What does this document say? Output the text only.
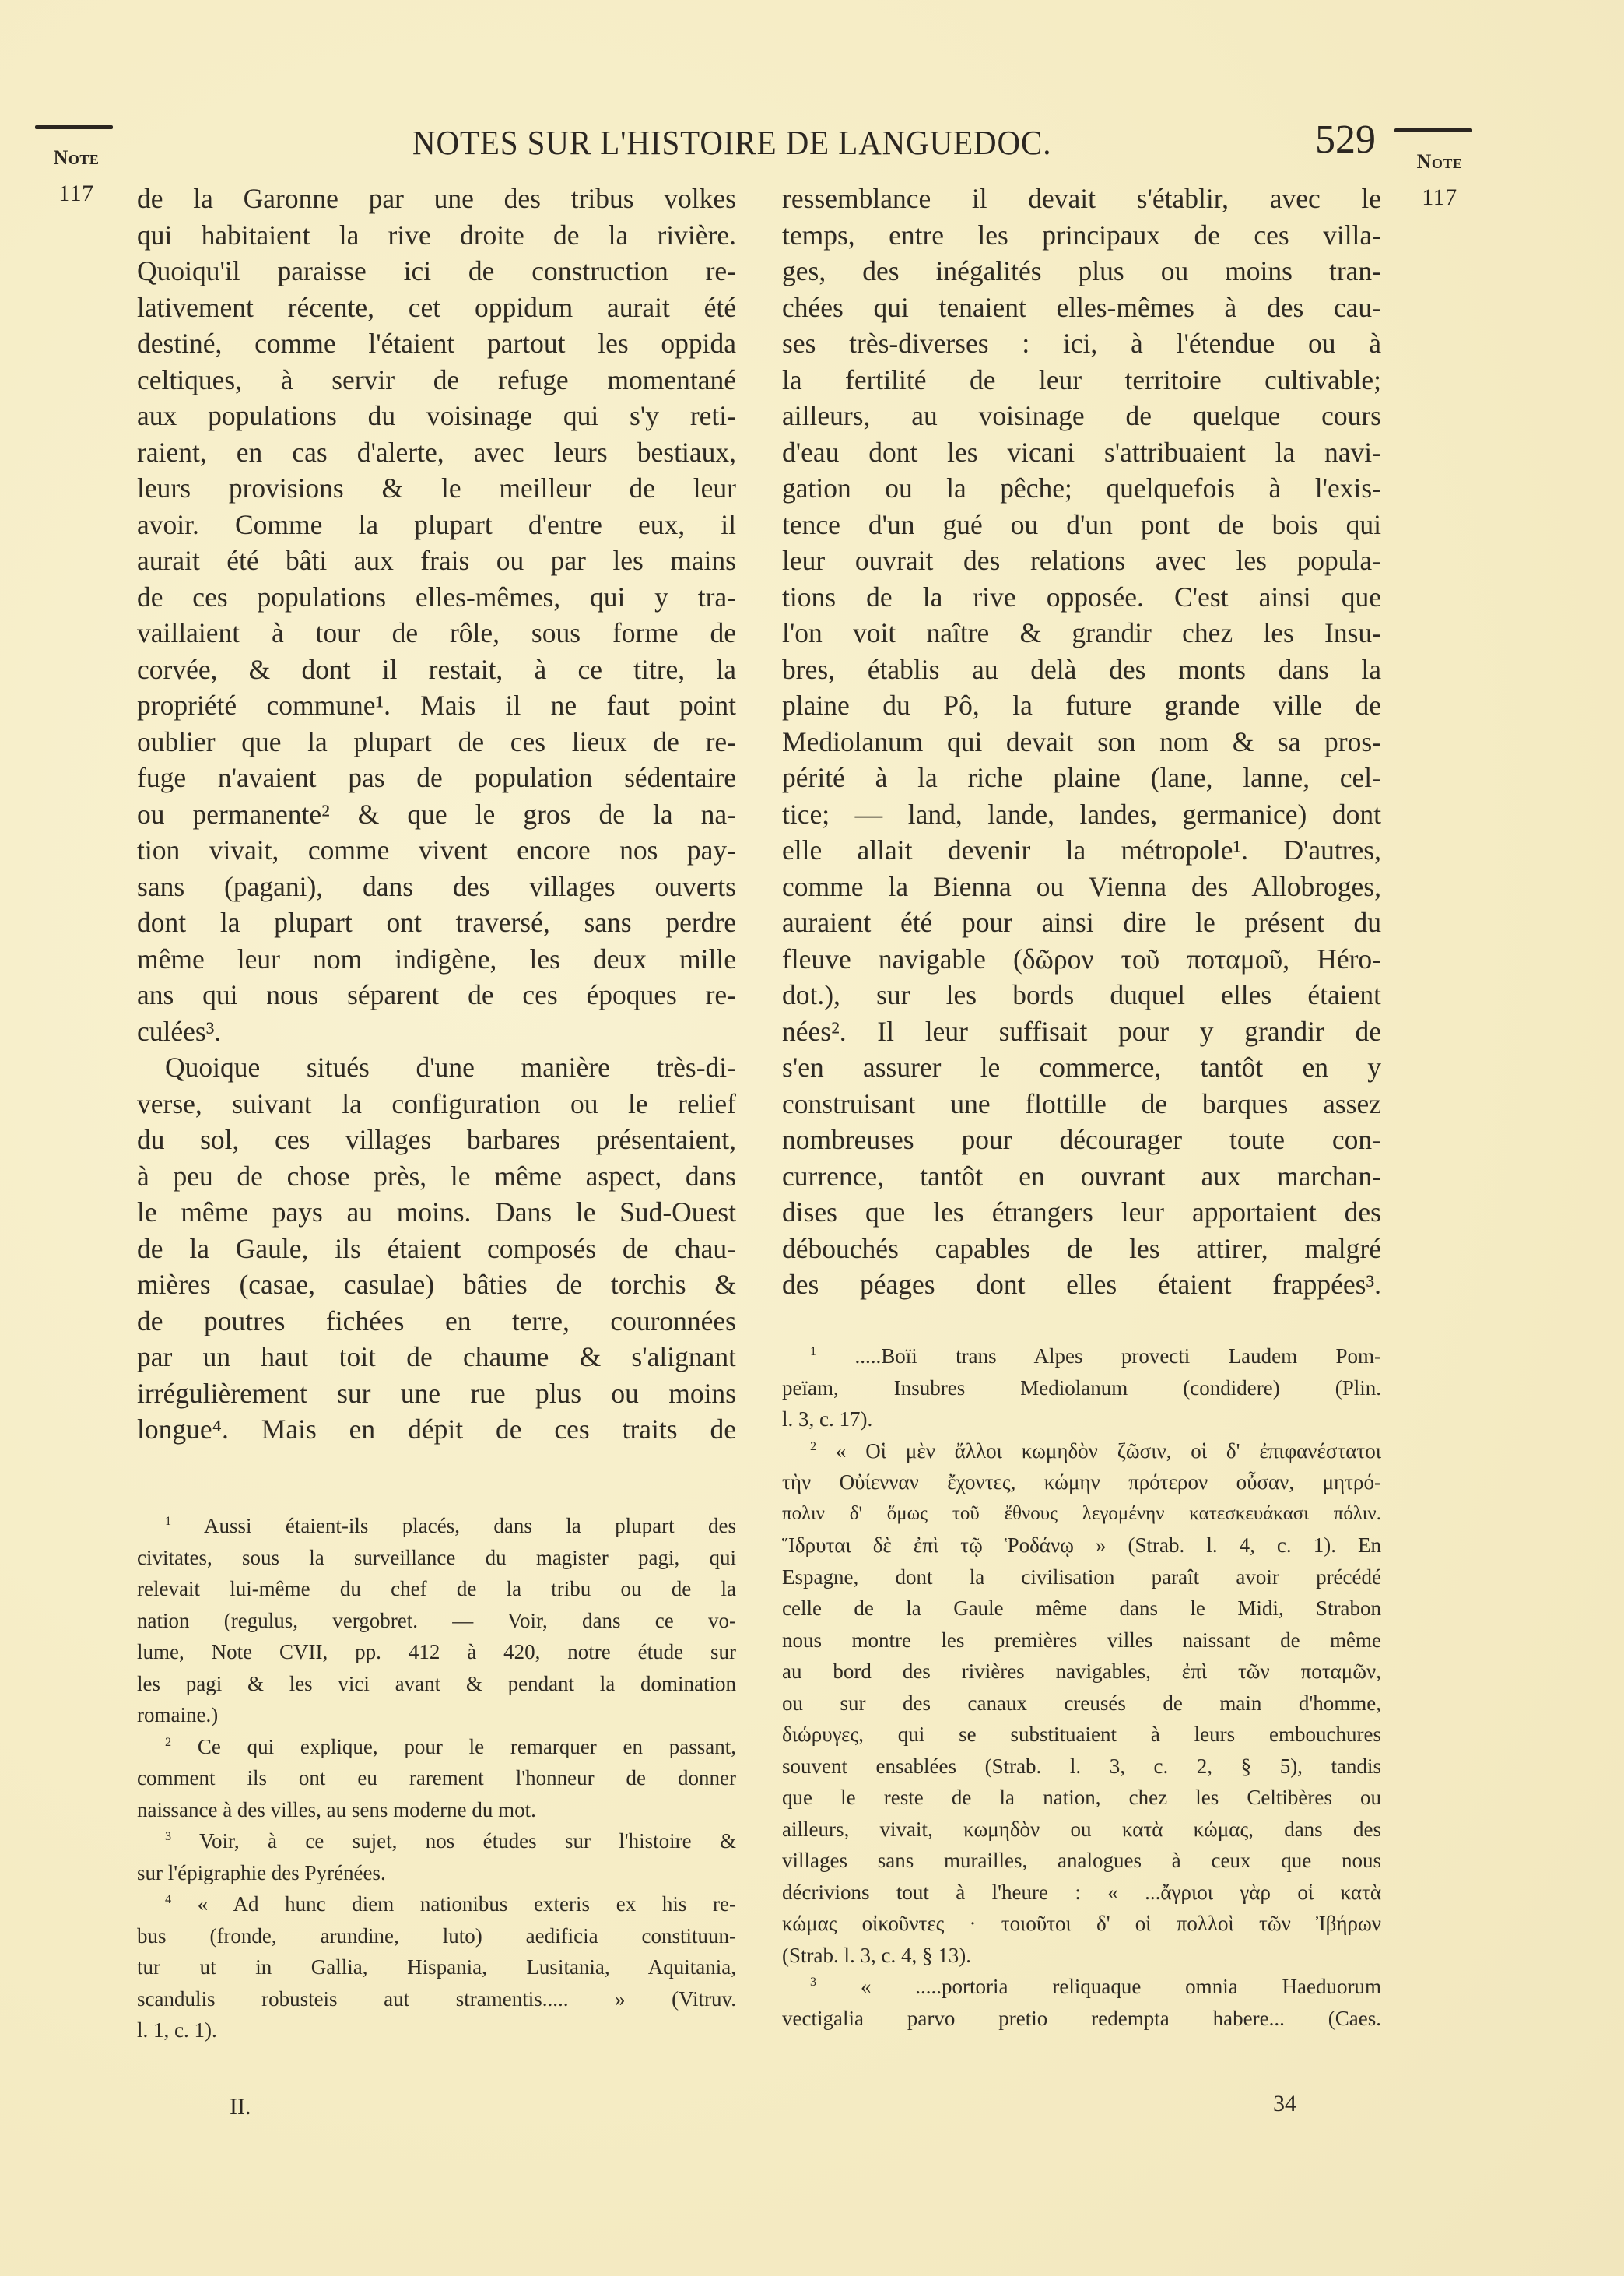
Note
117
Note
117
NOTES SUR L'HISTOIRE DE LANGUEDOC.	529
de la Garonne par une des tribus volkes
qui habitaient la rive droite de la rivière.
Quoiqu'il paraisse ici de construction re-
lativement récente, cet oppidum aurait été
destiné, comme l'étaient partout les oppida
celtiques, à servir de refuge momentané
aux populations du voisinage qui s'y reti-
raient, en cas d'alerte, avec leurs bestiaux,
leurs provisions & le meilleur de leur
avoir. Comme la plupart d'entre eux, il
aurait été bâti aux frais ou par les mains
de ces populations elles-mêmes, qui y tra-
vaillaient à tour de rôle, sous forme de
corvée, & dont il restait, à ce titre, la
propriété commune¹. Mais il ne faut point
oublier que la plupart de ces lieux de re-
fuge n'avaient pas de population sédentaire
ou permanente² & que le gros de la na-
tion vivait, comme vivent encore nos pay-
sans (pagani), dans des villages ouverts
dont la plupart ont traversé, sans perdre
même leur nom indigène, les deux mille
ans qui nous séparent de ces époques re-
culées³.
Quoique situés d'une manière très-di-
verse, suivant la configuration ou le relief
du sol, ces villages barbares présentaient,
à peu de chose près, le même aspect, dans
le même pays au moins. Dans le Sud-Ouest
de la Gaule, ils étaient composés de chau-
mières (casae, casulae) bâties de torchis &
de poutres fichées en terre, couronnées
par un haut toit de chaume & s'alignant
irrégulièrement sur une rue plus ou moins
longue⁴. Mais en dépit de ces traits de
$^1$ Aussi étaient-ils placés, dans la plupart des
civitates, sous la surveillance du magister pagi, qui
relevait lui-même du chef de la tribu ou de la
nation (regulus, vergobret. — Voir, dans ce vo-
lume, Note CVII, pp. 412 à 420, notre étude sur
les pagi & les vici avant & pendant la domination
romaine.)
$^2$ Ce qui explique, pour le remarquer en passant,
comment ils ont eu rarement l'honneur de donner
naissance à des villes, au sens moderne du mot.
$^3$ Voir, à ce sujet, nos études sur l'histoire &
sur l'épigraphie des Pyrénées.
$^4$ « Ad hunc diem nationibus exteris ex his re-
bus (fronde, arundine, luto) aedificia constituun-
tur ut in Gallia, Hispania, Lusitania, Aquitania,
scandulis robusteis aut stramentis..... » (Vitruv.
l. 1, c. 1).
ressemblance il devait s'établir, avec le
temps, entre les principaux de ces villa-
ges, des inégalités plus ou moins tran-
chées qui tenaient elles-mêmes à des cau-
ses très-diverses : ici, à l'étendue ou à
la fertilité de leur territoire cultivable;
ailleurs, au voisinage de quelque cours
d'eau dont les vicani s'attribuaient la navi-
gation ou la pêche; quelquefois à l'exis-
tence d'un gué ou d'un pont de bois qui
leur ouvrait des relations avec les popula-
tions de la rive opposée. C'est ainsi que
l'on voit naître & grandir chez les Insu-
bres, établis au delà des monts dans la
plaine du Pô, la future grande ville de
Mediolanum qui devait son nom & sa pros-
périté à la riche plaine (lane, lanne, cel-
tice; — land, lande, landes, germanice) dont
elle allait devenir la métropole¹. D'autres,
comme la Bienna ou Vienna des Allobroges,
auraient été pour ainsi dire le présent du
fleuve navigable (δῶρον τοῦ ποταμοῦ, Héro-
dot.), sur les bords duquel elles étaient
nées². Il leur suffisait pour y grandir de
s'en assurer le commerce, tantôt en y
construisant une flottille de barques assez
nombreuses pour décourager toute con-
currence, tantôt en ouvrant aux marchan-
dises que les étrangers leur apportaient des
débouchés capables de les attirer, malgré
des péages dont elles étaient frappées³.
$^1$ .....Boïi trans Alpes provecti Laudem Pom-
peïam, Insubres Mediolanum (condidere) (Plin.
l. 3, c. 17).
$^2$ « Οἱ μὲν ἄλλοι κωμηδὸν ζῶσιν, οἱ δ' ἐπιφανέστατοι
τὴν Οὐίενναν ἔχοντες, κώμην πρότερον οὖσαν, μητρό-
πολιν δ' ὅμως τοῦ ἔθνους λεγομένην κατεσκευάκασι πόλιν.
Ἵδρυται δὲ ἐπὶ τῷ Ῥοδάνῳ » (Strab. l. 4, c. 1). En
Espagne, dont la civilisation paraît avoir précédé
celle de la Gaule même dans le Midi, Strabon
nous montre les premières villes naissant de même
au bord des rivières navigables, ἐπὶ τῶν ποταμῶν,
ou sur des canaux creusés de main d'homme,
διώρυγες, qui se substituaient à leurs embouchures
souvent ensablées (Strab. l. 3, c. 2, § 5), tandis
que le reste de la nation, chez les Celtibères ou
ailleurs, vivait, κωμηδὸν ou κατὰ κώμας, dans des
villages sans murailles, analogues à ceux que nous
décrivions tout à l'heure : « ...ἄγριοι γὰρ οἱ κατὰ
κώμας οἰκοῦντες · τοιοῦτοι δ' οἱ πολλοὶ τῶν Ἰβήρων
(Strab. l. 3, c. 4, § 13).
$^3$ « .....portoria reliquaque omnia Haeduorum
vectigalia parvo pretio redempta habere... (Caes.
II.	34
